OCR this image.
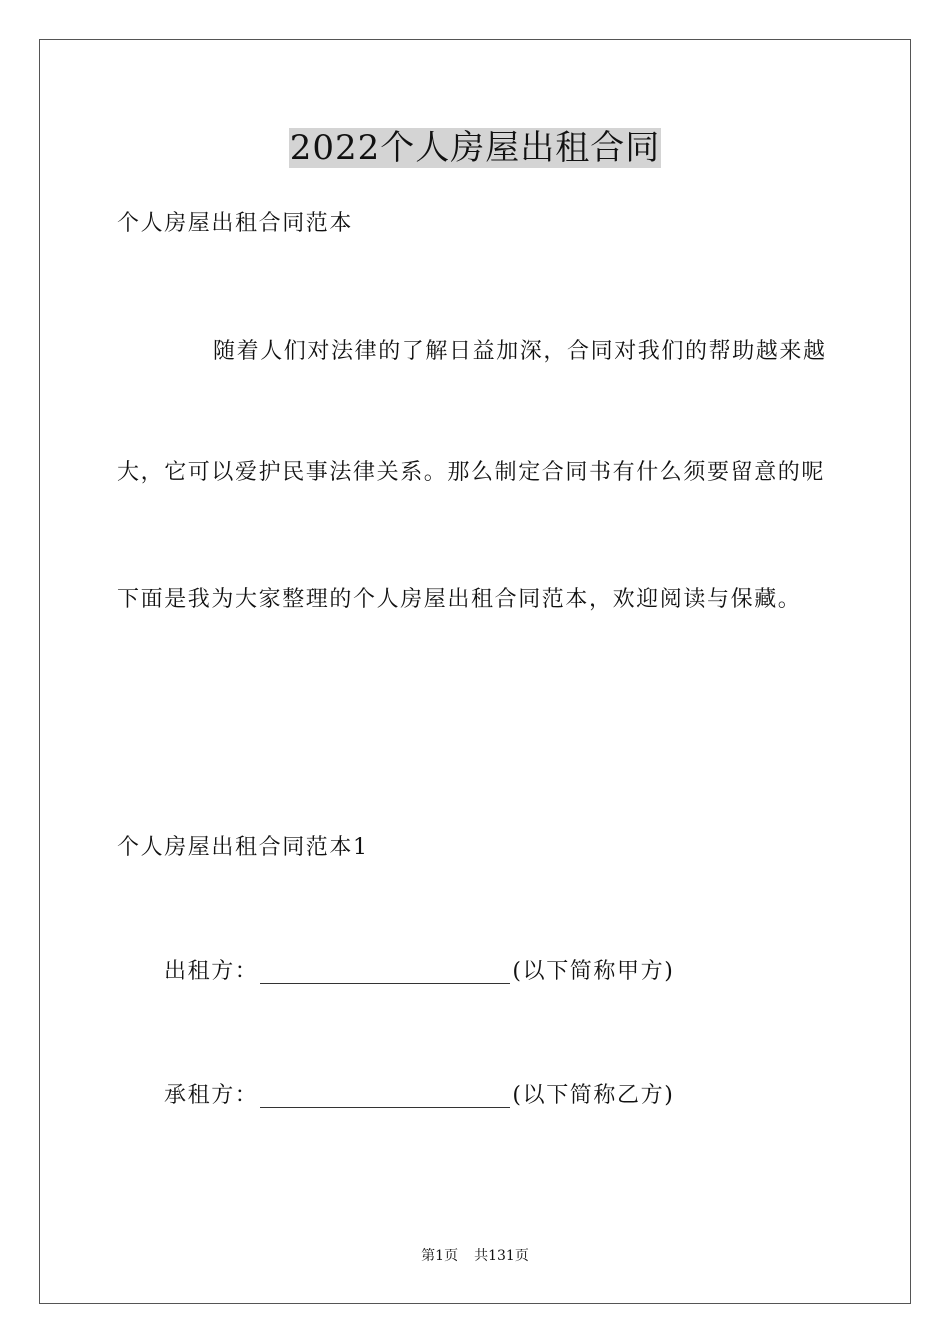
2022个人房屋出租合同
个人房屋出租合同范本
随着人们对法律的了解日益加深，合同对我们的帮助越来越
大，它可以爱护民事法律关系。那么制定合同书有什么须要留意的呢
下面是我为大家整理的个人房屋出租合同范本，欢迎阅读与保藏。
个人房屋出租合同范本1
出租方：	(以下简称甲方)
承租方：	(以下简称乙方)
第1页 共131页
